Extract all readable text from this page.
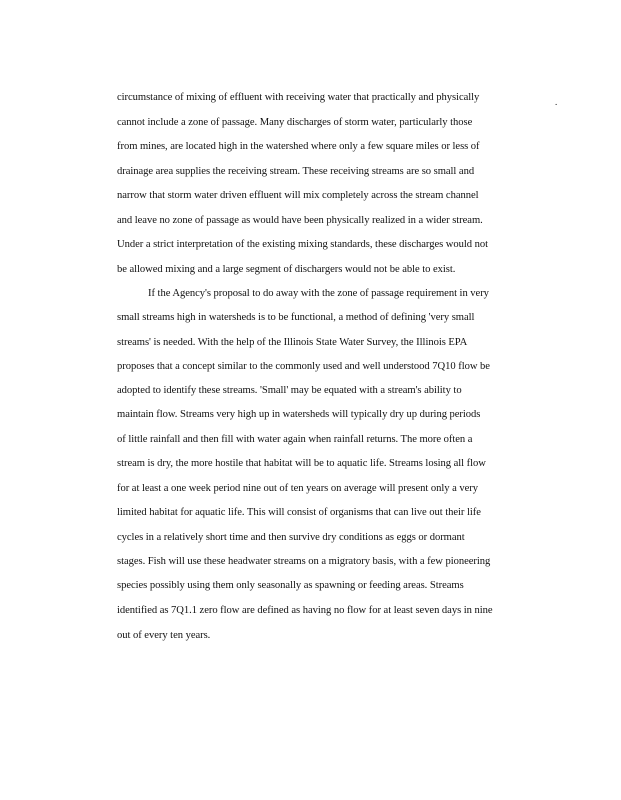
.
circumstance of mixing of effluent with receiving water that practically and physically
cannot include a zone of passage. Many discharges of storm water, particularly those
from mines, are located high in the watershed where only a few square miles or less of
drainage area supplies the receiving stream. These receiving streams are so small and
narrow that storm water driven effluent will mix completely across the stream channel
and leave no zone of passage as would have been physically realized in a wider stream.
Under a strict interpretation of the existing mixing standards, these discharges would not
be allowed mixing and a large segment of dischargers would not be able to exist.
If the Agency's proposal to do away with the zone of passage requirement in very
small streams high in watersheds is to be functional, a method of defining 'very small
streams' is needed. With the help of the Illinois State Water Survey, the Illinois EPA
proposes that a concept similar to the commonly used and well understood 7Q10 flow be
adopted to identify these streams. 'Small' may be equated with a stream's ability to
maintain flow. Streams very high up in watersheds will typically dry up during periods
of little rainfall and then fill with water again when rainfall returns. The more often a
stream is dry, the more hostile that habitat will be to aquatic life. Streams losing all flow
for at least a one week period nine out of ten years on average will present only a very
limited habitat for aquatic life. This will consist of organisms that can live out their life
cycles in a relatively short time and then survive dry conditions as eggs or dormant
stages. Fish will use these headwater streams on a migratory basis, with a few pioneering
species possibly using them only seasonally as spawning or feeding areas. Streams
identified as 7Q1.1 zero flow are defined as having no flow for at least seven days in nine
out of every ten years.
